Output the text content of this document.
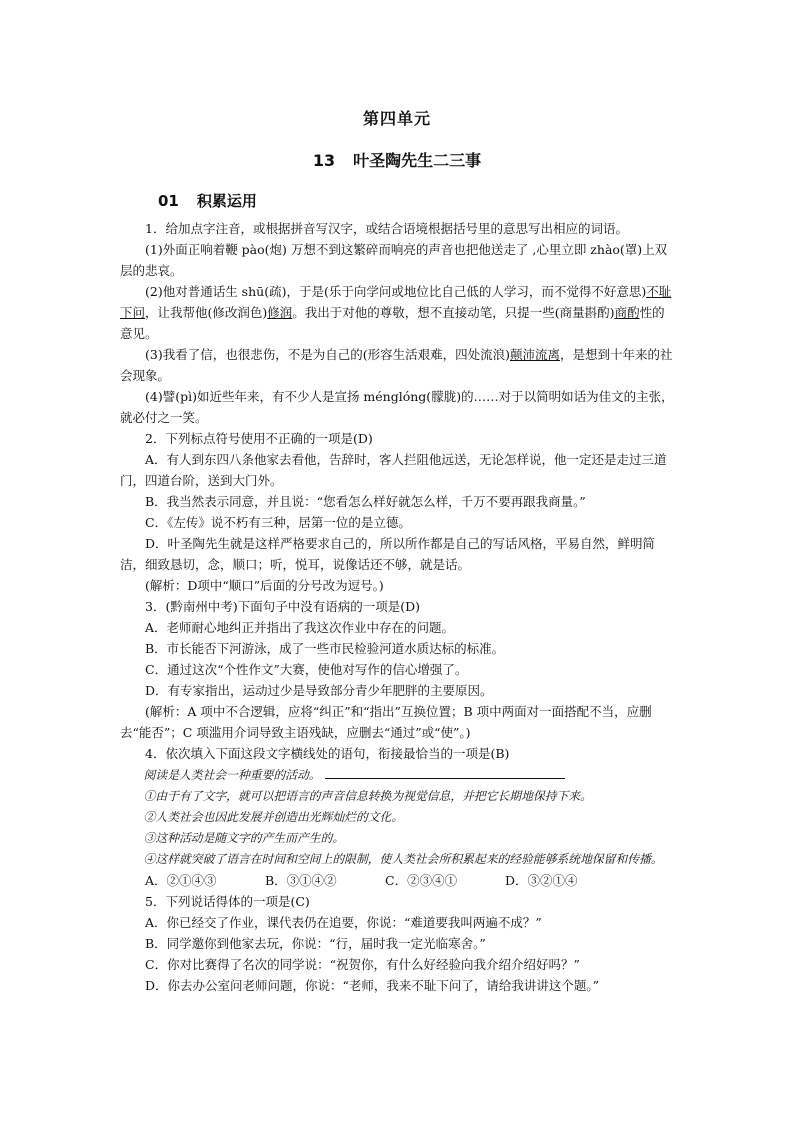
第四单元
13 叶圣陶先生二三事
01 积累运用

1．给加点字注音，或根据拼音写汉字，或结合语境根据括号里的意思写出相应的词语。

(1)外面正响着鞭 pào(炮) 万想不到这繁碎而响亮的声音也把他送走了 ,心里立即 zhào(罩)上双层的悲哀。

(2)他对普通话生 shū(疏)，于是(乐于向学问或地位比自己低的人学习，而不觉得不好意思)不耻下问，让我帮他(修改润色)修润。我出于对他的尊敬，想不直接动笔，只提一些(商量斟酌)商酌性的意见。

(3)我看了信，也很悲伤，不是为自己的(形容生活艰难，四处流浪)颠沛流离，是想到十年来的社会现象。

(4)譬(pì)如近些年来，有不少人是宣扬 ménglóng(朦胧)的……对于以简明如话为佳文的主张，就必付之一笑。

2．下列标点符号使用不正确的一项是(D)

A．有人到东四八条他家去看他，告辞时，客人拦阻他远送，无论怎样说，他一定还是走过三道门，四道台阶，送到大门外。

B．我当然表示同意，并且说：“您看怎么样好就怎么样，千万不要再跟我商量。”

C．《左传》说不朽有三种，居第一位的是立德。

D．叶圣陶先生就是这样严格要求自己的，所以所作都是自己的写话风格，平易自然，鲜明简洁，细致恳切，念，顺口；听，悦耳，说像话还不够，就是话。

(解析：D项中“顺口”后面的分号改为逗号。)

3．(黔南州中考)下面句子中没有语病的一项是(D)

A．老师耐心地纠正并指出了我这次作业中存在的问题。

B．市长能否下河游泳，成了一些市民检验河道水质达标的标准。

C．通过这次“个性作文”大赛，使他对写作的信心增强了。

D．有专家指出，运动过少是导致部分青少年肥胖的主要原因。

(解析：A 项中不合逻辑，应将“纠正”和“指出”互换位置；B 项中两面对一面搭配不当，应删去“能否”；C 项滥用介词导致主语残缺，应删去“通过”或“使”。)

4．依次填入下面这段文字横线处的语句，衔接最恰当的一项是(B)

阅读是人类社会一种重要的活动。

①由于有了文字，就可以把语言的声音信息转换为视觉信息，并把它长期地保持下来。

②人类社会也因此发展并创造出光辉灿烂的文化。

③这种活动是随文字的产生而产生的。

④这样就突破了语言在时间和空间上的限制，使人类社会所积累起来的经验能够系统地保留和传播。

A．②①④③	B．③①④②	C．②③④①	D．③②①④

5．下列说话得体的一项是(C)

A．你已经交了作业，课代表仍在追要，你说：“难道要我叫两遍不成？”

B．同学邀你到他家去玩，你说：“行，届时我一定光临寒舍。”

C．你对比赛得了名次的同学说：“祝贺你，有什么好经验向我介绍介绍好吗？”

D．你去办公室问老师问题，你说：“老师，我来不耻下问了，请给我讲讲这个题。”
